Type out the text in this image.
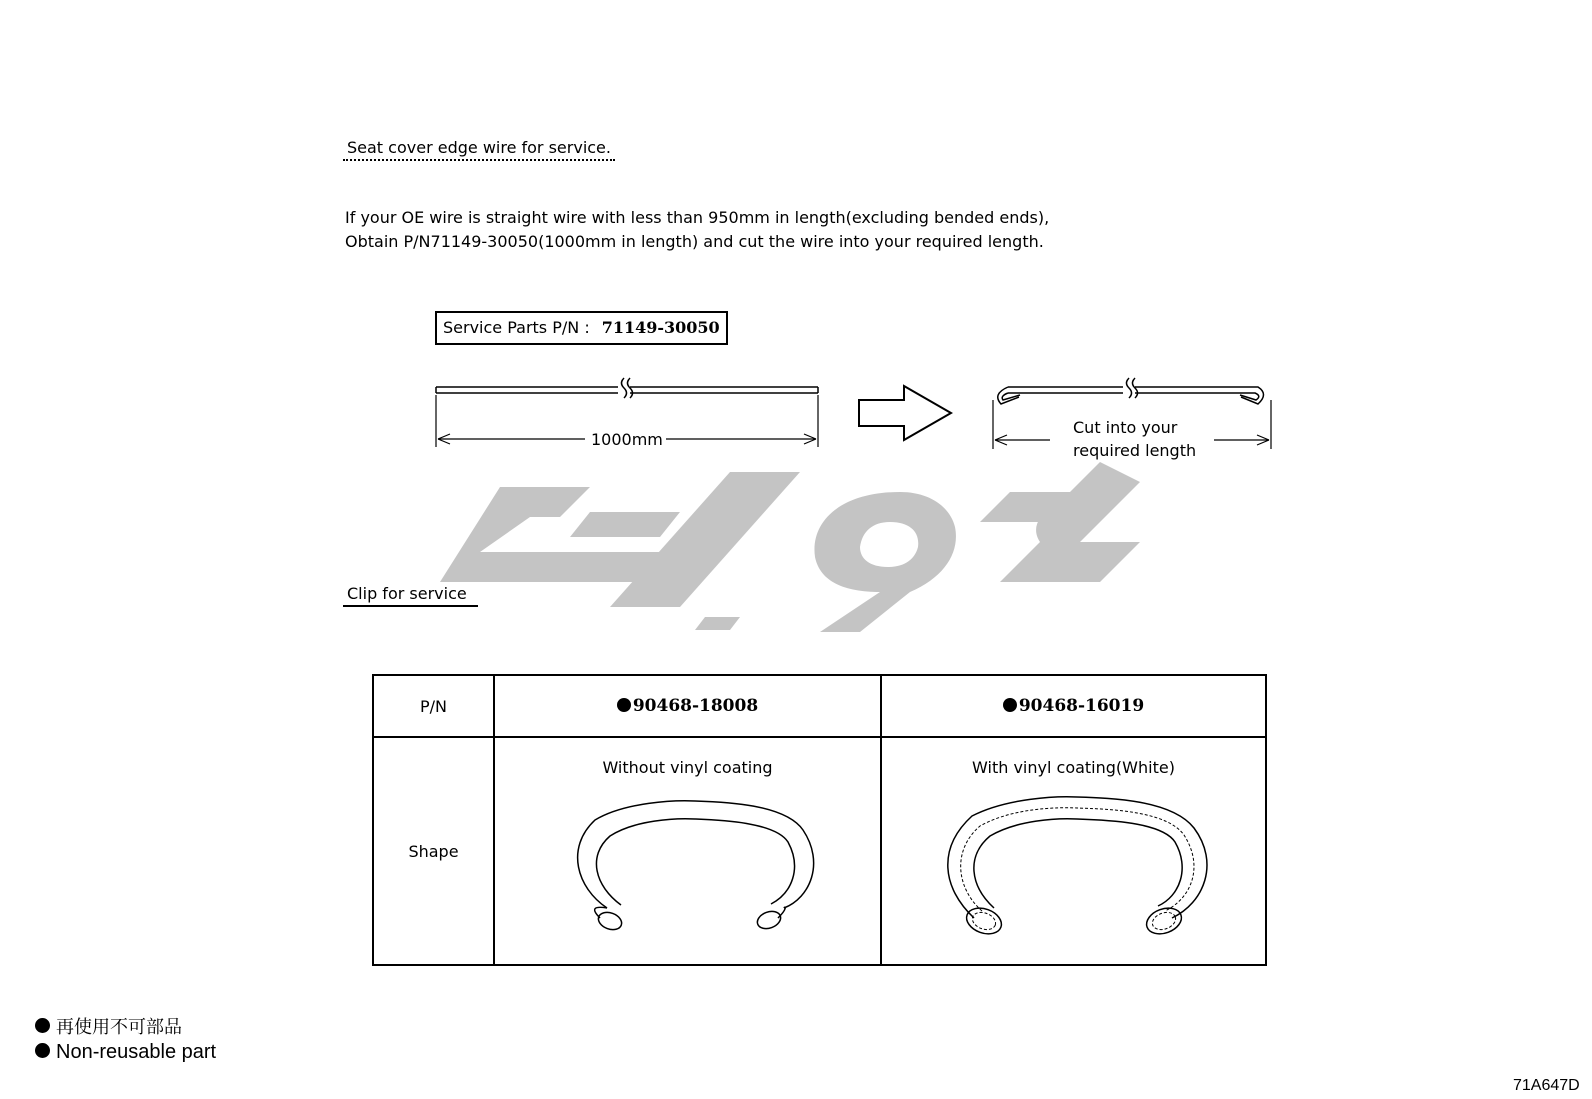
Seat cover edge wire for service.
If your OE wire is straight wire with less than 950mm in length(excluding bended ends),
Obtain P/N71149-30050(1000mm in length) and cut the wire into your required length.
Service Parts P/N : 71149-30050
1000mm
Cut into your
required length
Clip for service
P/N	90468-18008	90468-16019
Shape	Without vinyl coating	With vinyl coating(White)
再使用不可部品
Non-reusable part
71A647D
